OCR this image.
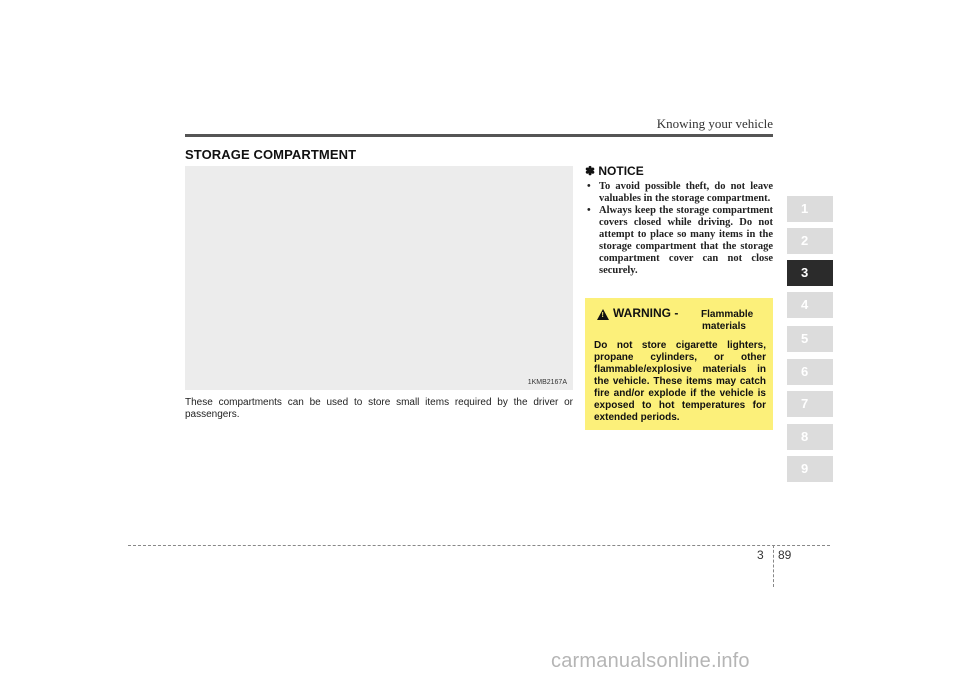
Knowing your vehicle
STORAGE COMPARTMENT
1KMB2167A

These compartments can be used to store small items required by the driver or passengers.

✽ NOTICE
• To avoid possible theft, do not leave valuables in the storage compartment.
• Always keep the storage compartment covers closed while driving. Do not attempt to place so many items in the storage compartment that the storage compartment cover can not close securely.
! WARNING - Flammable
materials

Do not store cigarette lighters, propane cylinders, or other flammable/explosive materials in the vehicle. These items may catch fire and/or explode if the vehicle is exposed to hot temperatures for extended periods.

1
2
3
4
5
6
7
8
9
3 89
carmanualsonline.info
